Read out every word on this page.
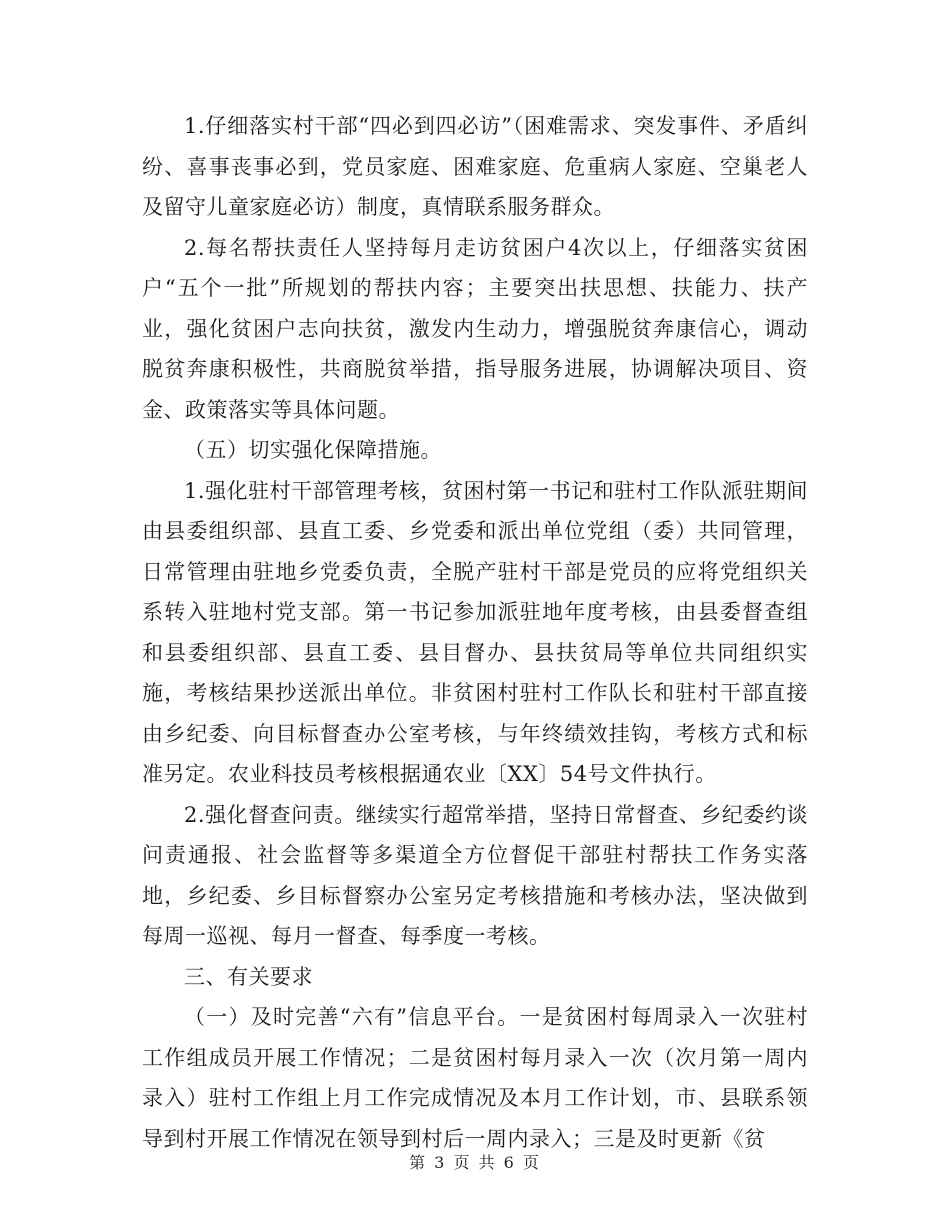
1.仔细落实村干部“四必到四必访”（困难需求、突发事件、矛盾纠纷、喜事丧事必到，党员家庭、困难家庭、危重病人家庭、空巢老人及留守儿童家庭必访）制度，真情联系服务群众。

2.每名帮扶责任人坚持每月走访贫困户4次以上，仔细落实贫困户“五个一批”所规划的帮扶内容；主要突出扶思想、扶能力、扶产业，强化贫困户志向扶贫，激发内生动力，增强脱贫奔康信心，调动脱贫奔康积极性，共商脱贫举措，指导服务进展，协调解决项目、资金、政策落实等具体问题。

（五）切实强化保障措施。

1.强化驻村干部管理考核，贫困村第一书记和驻村工作队派驻期间由县委组织部、县直工委、乡党委和派出单位党组（委）共同管理，日常管理由驻地乡党委负责，全脱产驻村干部是党员的应将党组织关系转入驻地村党支部。第一书记参加派驻地年度考核，由县委督查组和县委组织部、县直工委、县目督办、县扶贫局等单位共同组织实施，考核结果抄送派出单位。非贫困村驻村工作队长和驻村干部直接由乡纪委、向目标督查办公室考核，与年终绩效挂钩，考核方式和标准另定。农业科技员考核根据通农业〔XX〕54号文件执行。

2.强化督查问责。继续实行超常举措，坚持日常督查、乡纪委约谈问责通报、社会监督等多渠道全方位督促干部驻村帮扶工作务实落地，乡纪委、乡目标督察办公室另定考核措施和考核办法，坚决做到每周一巡视、每月一督查、每季度一考核。

三、有关要求

（一）及时完善“六有”信息平台。一是贫困村每周录入一次驻村工作组成员开展工作情况；二是贫困村每月录入一次（次月第一周内录入）驻村工作组上月工作完成情况及本月工作计划，市、县联系领导到村开展工作情况在领导到村后一周内录入；三是及时更新《贫

第 3 页 共 6 页
